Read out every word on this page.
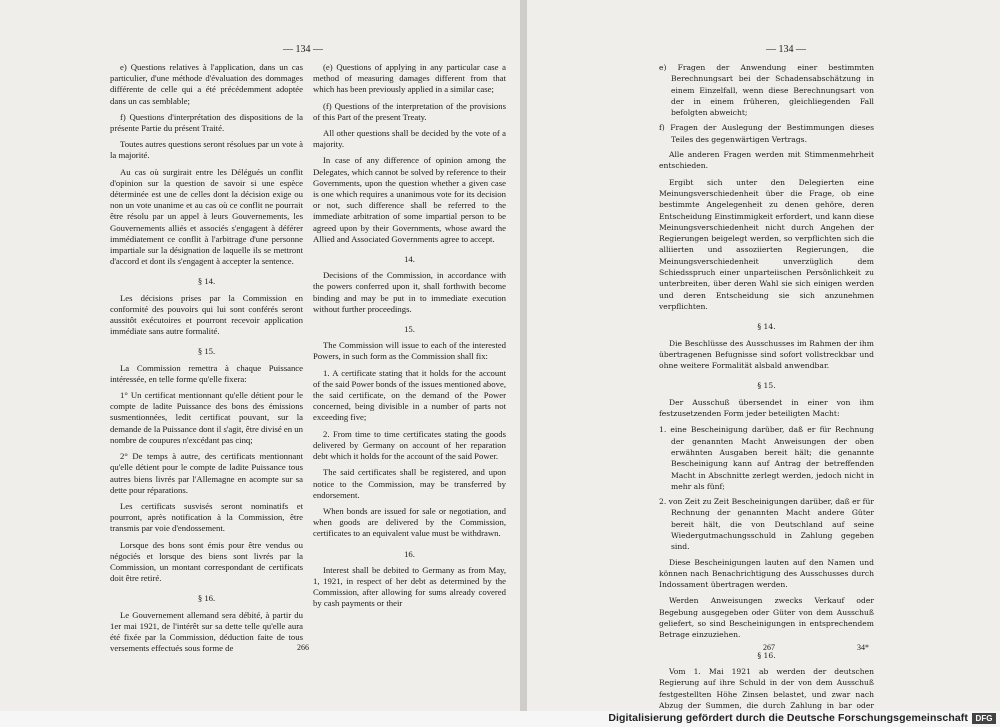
— 134 —

e) Questions relatives à l'application, dans un cas particulier, d'une méthode d'évaluation des dommages différente de celle qui a été précédemment adoptée dans un cas semblable;

f) Questions d'interprétation des dispositions de la présente Partie du présent Traité.

Toutes autres questions seront résolues par un vote à la majorité.

Au cas où surgirait entre les Délégués un conflit d'opinion sur la question de savoir si une espèce déterminée est une de celles dont la décision exige ou non un vote unanime et au cas où ce conflit ne pourrait être résolu par un appel à leurs Gouvernements, les Gouvernements alliés et associés s'engagent à déférer immédiatement ce conflit à l'arbitrage d'une personne impartiale sur la désignation de laquelle ils se mettront d'accord et dont ils s'engagent à accepter la sentence.

§ 14.

Les décisions prises par la Commission en conformité des pouvoirs qui lui sont conférés seront aussitôt exécutoires et pourront recevoir application immédiate sans autre formalité.

§ 15.

La Commission remettra à chaque Puissance intéressée, en telle forme qu'elle fixera:

1° Un certificat mentionnant qu'elle détient pour le compte de ladite Puissance des bons des émissions susmentionnées, ledit certificat pouvant, sur la demande de la Puissance dont il s'agit, être divisé en un nombre de coupures n'excédant pas cinq;

2° De temps à autre, des certificats mentionnant qu'elle détient pour le compte de ladite Puissance tous autres biens livrés par l'Allemagne en acompte sur sa dette pour réparations.

Les certificats susvisés seront nominatifs et pourront, après notification à la Commission, être transmis par voie d'endossement.

Lorsque des bons sont émis pour être vendus ou négociés et lorsque des biens sont livrés par la Commission, un montant correspondant de certificats doit être retiré.

§ 16.

Le Gouvernement allemand sera débité, à partir du 1er mai 1921, de l'intérêt sur sa dette telle qu'elle aura été fixée par la Commission, déduction faite de tous versements effectués sous forme de

(e) Questions of applying in any particular case a method of measuring damages different from that which has been previously applied in a similar case;

(f) Questions of the interpretation of the provisions of this Part of the present Treaty.

All other questions shall be decided by the vote of a majority.

In case of any difference of opinion among the Delegates, which cannot be solved by reference to their Governments, upon the question whether a given case is one which requires a unanimous vote for its decision or not, such difference shall be referred to the immediate arbitration of some impartial person to be agreed upon by their Governments, whose award the Allied and Associated Governments agree to accept.

14.

Decisions of the Commission, in accordance with the powers conferred upon it, shall forthwith become binding and may be put in to immediate execution without further proceedings.

15.

The Commission will issue to each of the interested Powers, in such form as the Commission shall fix:

1. A certificate stating that it holds for the account of the said Power bonds of the issues mentioned above, the said certificate, on the demand of the Power concerned, being divisible in a number of parts not exceeding five;

2. From time to time certificates stating the goods delivered by Germany on account of her reparation debt which it holds for the account of the said Power.

The said certificates shall be registered, and upon notice to the Commission, may be transferred by endorsement.

When bonds are issued for sale or negotiation, and when goods are delivered by the Commission, certificates to an equivalent value must be withdrawn.

16.

Interest shall be debited to Germany as from May, 1, 1921, in respect of her debt as determined by the Commission, after allowing for sums already covered by cash payments or their

266
— 134 —

e) Fragen der Anwendung einer bestimmten Berechnungsart bei der Schadensabschätzung in einem Einzelfall, wenn diese Berechnungsart von der in einem früheren, gleichliegenden Fall befolgten abweicht;

f) Fragen der Auslegung der Bestimmungen dieses Teiles des gegenwärtigen Vertrags.

Alle anderen Fragen werden mit Stimmenmehrheit entschieden.

Ergibt sich unter den Delegierten eine Meinungsverschiedenheit über die Frage, ob eine bestimmte Angelegenheit zu denen gehöre, deren Entscheidung Einstimmigkeit erfordert, und kann diese Meinungsverschiedenheit nicht durch Angehen der Regierungen beigelegt werden, so verpflichten sich die alliierten und assoziierten Regierungen, die Meinungsverschiedenheit unverzüglich dem Schiedsspruch einer unparteiischen Persönlichkeit zu unterbreiten, über deren Wahl sie sich einigen werden und deren Entscheidung sie sich anzunehmen verpflichten.

§ 14.

Die Beschlüsse des Ausschusses im Rahmen der ihm übertragenen Befugnisse sind sofort vollstreckbar und ohne weitere Formalität alsbald anwendbar.

§ 15.

Der Ausschuß übersendet in einer von ihm festzusetzenden Form jeder beteiligten Macht:

1. eine Bescheinigung darüber, daß er für Rechnung der genannten Macht Anweisungen der oben erwähnten Ausgaben bereit hält; die genannte Bescheinigung kann auf Antrag der betreffenden Macht in Abschnitte zerlegt werden, jedoch nicht in mehr als fünf;

2. von Zeit zu Zeit Bescheinigungen darüber, daß er für Rechnung der genannten Macht andere Güter bereit hält, die von Deutschland auf seine Wiedergutmachungsschuld in Zahlung gegeben sind.

Diese Bescheinigungen lauten auf den Namen und können nach Benachrichtigung des Ausschusses durch Indossament übertragen werden.

Werden Anweisungen zwecks Verkauf oder Begebung ausgegeben oder Güter von dem Ausschuß geliefert, so sind Bescheinigungen in entsprechendem Betrage einzuziehen.

§ 16.

Vom 1. Mai 1921 ab werden der deutschen Regierung auf ihre Schuld in der von dem Ausschuß festgestellten Höhe Zinsen belastet, und zwar nach Abzug der Summen, die durch Zahlung in bar oder

267	34*
Digitalisierung gefördert durch die Deutsche Forschungsgemeinschaft DFG
